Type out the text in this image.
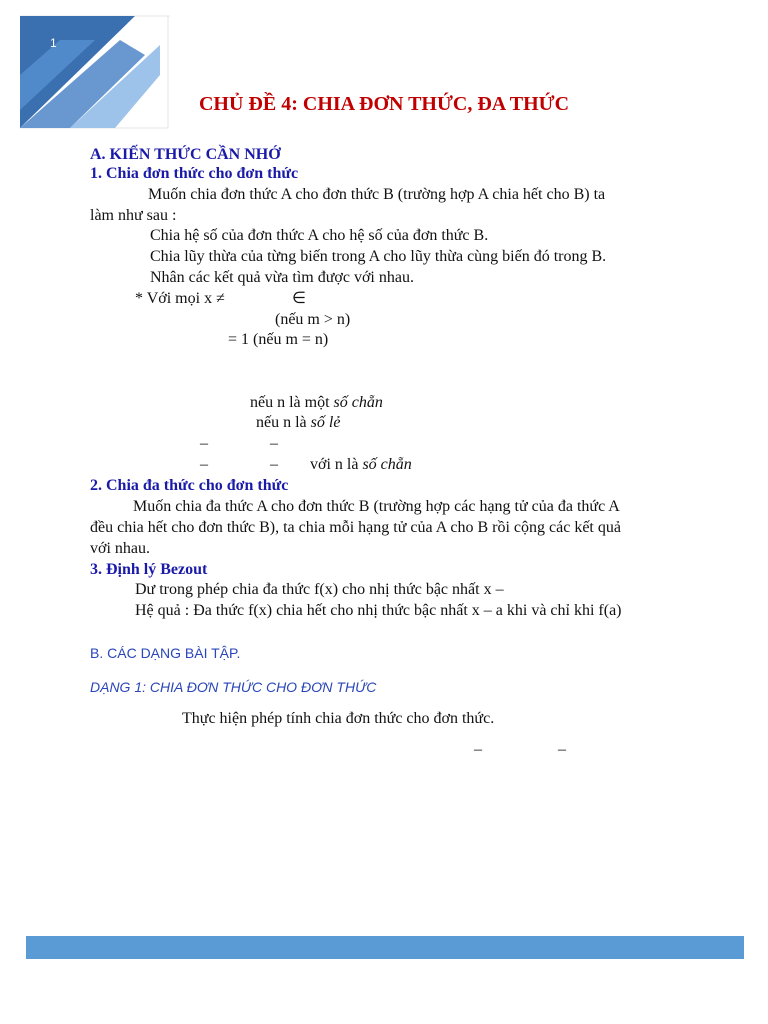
1
CHỦ ĐỀ 4: CHIA ĐƠN THỨC, ĐA THỨC
A. KIẾN THỨC CẦN NHỚ
1. Chia đơn thức cho đơn thức
Muốn chia đơn thức A cho đơn thức B (trường hợp A chia hết cho B) ta
làm như sau :
Chia hệ số của đơn thức A cho hệ số của đơn thức B.
Chia lũy thừa của từng biến trong A cho lũy thừa cùng biến đó trong B.
Nhân các kết quả vừa tìm được với nhau.
* Với mọi x ≠	∈
(nếu m > n)
= 1 (nếu m = n)
nếu n là một số chẵn
nếu n là số lẻ
–	–
–	– với n là số chẵn
2. Chia đa thức cho đơn thức
Muốn chia đa thức A cho đơn thức B (trường hợp các hạng tử của đa thức A
đều chia hết cho đơn thức B), ta chia mỗi hạng tử của A cho B rồi cộng các kết quả
với nhau.
3. Định lý Bezout
Dư trong phép chia đa thức f(x) cho nhị thức bậc nhất x –
Hệ quả : Đa thức f(x) chia hết cho nhị thức bậc nhất x – a khi và chỉ khi f(a)
B. CÁC DẠNG BÀI TẬP.
DẠNG 1: CHIA ĐƠN THỨC CHO ĐƠN THỨC
Thực hiện phép tính chia đơn thức cho đơn thức.
–	–
